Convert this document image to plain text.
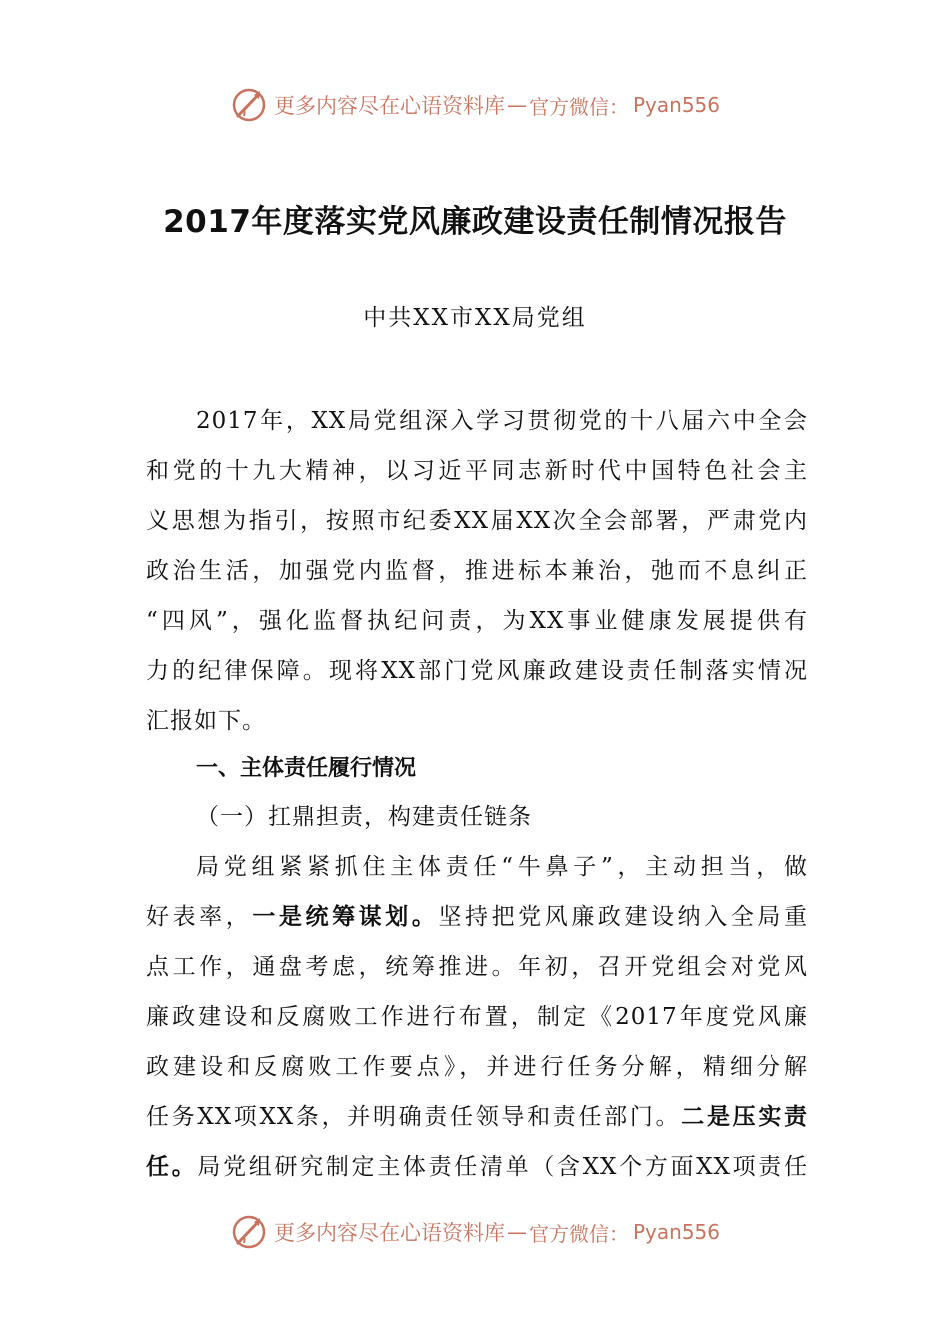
更多内容尽在心语资料库 — 官方微信： Pyan556
2017年度落实党风廉政建设责任制情况报告
中共XX市XX局党组
2017年，XX局党组深入学习贯彻党的十八届六中全会
和党的十九大精神，以习近平同志新时代中国特色社会主
义思想为指引，按照市纪委XX届XX次全会部署，严肃党内
政治生活，加强党内监督，推进标本兼治，弛而不息纠正
“四风”，强化监督执纪问责，为XX事业健康发展提供有
力的纪律保障。现将XX部门党风廉政建设责任制落实情况
汇报如下。
一、主体责任履行情况
（一）扛鼎担责，构建责任链条
局党组紧紧抓住主体责任“牛鼻子”，主动担当，做
好表率，一是统筹谋划。坚持把党风廉政建设纳入全局重
点工作，通盘考虑，统筹推进。年初，召开党组会对党风
廉政建设和反腐败工作进行布置，制定《2017年度党风廉
政建设和反腐败工作要点》，并进行任务分解，精细分解
任务XX项XX条，并明确责任领导和责任部门。二是压实责
任。局党组研究制定主体责任清单（含XX个方面XX项责任
更多内容尽在心语资料库 — 官方微信： Pyan556
